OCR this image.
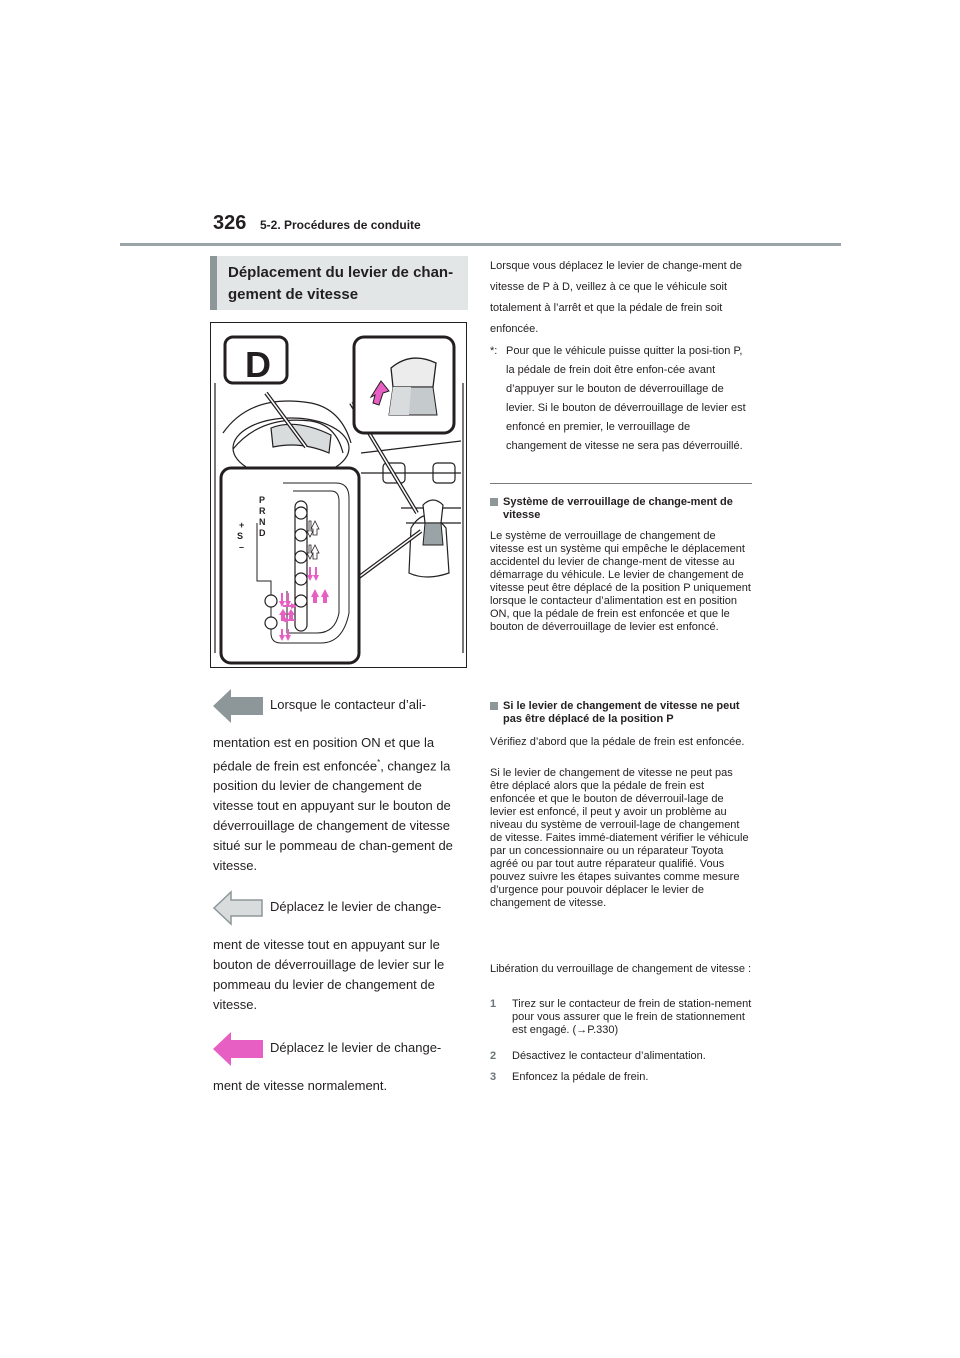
326 5-2. Procédures de conduite
Déplacement du levier de chan-gement de vitesse
P
R
N
D
+
S
–
D
Lorsque le contacteur d’ali-
mentation est en position ON et que la pédale de frein est enfoncée*, changez la position du levier de changement de vitesse tout en appuyant sur le bouton de déverrouillage de changement de vitesse situé sur le pommeau de chan-gement de vitesse.
Déplacez le levier de change-
ment de vitesse tout en appuyant sur le bouton de déverrouillage de levier sur le pommeau du levier de changement de vitesse.
Déplacez le levier de change-
ment de vitesse normalement.
Lorsque vous déplacez le levier de change-ment de vitesse de P à D, veillez à ce que le véhicule soit totalement à l’arrêt et que la pédale de frein soit enfoncée.
*: Pour que le véhicule puisse quitter la posi-tion P, la pédale de frein doit être enfon-cée avant d’appuyer sur le bouton de déverrouillage de levier. Si le bouton de déverrouillage de levier est enfoncé en premier, le verrouillage de changement de vitesse ne sera pas déverrouillé.
Système de verrouillage de change-ment de vitesse
Le système de verrouillage de changement de vitesse est un système qui empêche le déplacement accidentel du levier de change-ment de vitesse au démarrage du véhicule. Le levier de changement de vitesse peut être déplacé de la position P uniquement lorsque le contacteur d’alimentation est en position ON, que la pédale de frein est enfoncée et que le bouton de déverrouillage de levier est enfoncé.
Si le levier de changement de vitesse ne peut pas être déplacé de la position P
Vérifiez d’abord que la pédale de frein est enfoncée.
Si le levier de changement de vitesse ne peut pas être déplacé alors que la pédale de frein est enfoncée et que le bouton de déverrouil-lage de levier est enfoncé, il peut y avoir un problème au niveau du système de verrouil-lage de changement de vitesse. Faites immé-diatement vérifier le véhicule par un concessionnaire ou un réparateur Toyota agréé ou par tout autre réparateur qualifié. Vous pouvez suivre les étapes suivantes comme mesure d’urgence pour pouvoir déplacer le levier de changement de vitesse.
Libération du verrouillage de changement de vitesse :
1	Tirez sur le contacteur de frein de station-nement pour vous assurer que le frein de stationnement est engagé. (→P.330)
2	Désactivez le contacteur d’alimentation.
3	Enfoncez la pédale de frein.
